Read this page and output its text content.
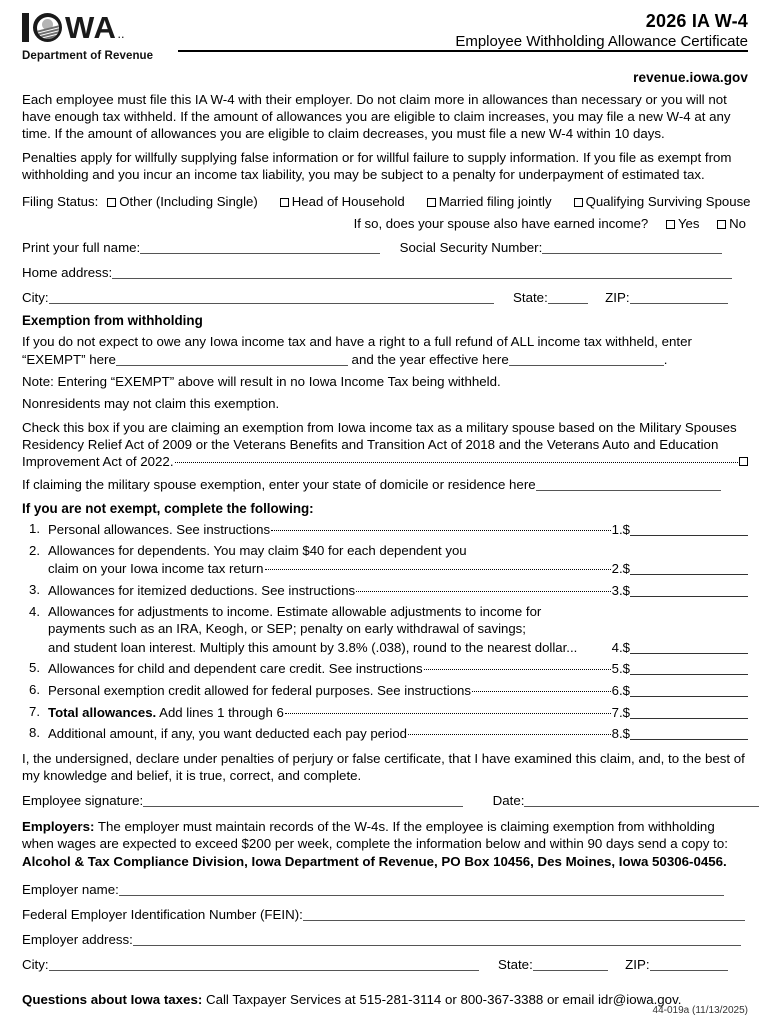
WA ..
Department of Revenue
2026 IA W-4
Employee Withholding Allowance Certificate
revenue.iowa.gov
Each employee must file this IA W-4 with their employer. Do not claim more in allowances than necessary or you will not have enough tax withheld. If the amount of allowances you are eligible to claim increases, you may file a new W-4 at any time. If the amount of allowances you are eligible to claim decreases, you must file a new W-4 within 10 days.
Penalties apply for willfully supplying false information or for willful failure to supply information. If you file as exempt from withholding and you incur an income tax liability, you may be subject to a penalty for underpayment of estimated tax.
Filing Status:	Other (Including Single)	Head of Household	Married filing jointly	Qualifying Surviving Spouse
If so, does your spouse also have earned income? Yes No
Print your full name:	Social Security Number:
Home address:
City:	State:	ZIP:
Exemption from withholding
If you do not expect to owe any Iowa income tax and have a right to a full refund of ALL income tax withheld, enter
“EXEMPT” here	and the year effective here	.
Note: Entering “EXEMPT” above will result in no Iowa Income Tax being withheld.
Nonresidents may not claim this exemption.
Check this box if you are claiming an exemption from Iowa income tax as a military spouse based on the Military Spouses
Residency Relief Act of 2009 or the Veterans Benefits and Transition Act of 2018 and the Veterans Auto and Education
Improvement Act of 2022.
If claiming the military spouse exemption, enter your state of domicile or residence here
If you are not exempt, complete the following:
1. Personal allowances. See instructions	1.$
2. Allowances for dependents. You may claim $40 for each dependent you
claim on your Iowa income tax return	2.$
3. Allowances for itemized deductions. See instructions	3.$
4. Allowances for adjustments to income. Estimate allowable adjustments to income for
payments such as an IRA, Keogh, or SEP; penalty on early withdrawal of savings;
and student loan interest. Multiply this amount by 3.8% (.038), round to the nearest dollar...	4.$
5. Allowances for child and dependent care credit. See instructions	5.$
6. Personal exemption credit allowed for federal purposes. See instructions	6.$
7. Total allowances. Add lines 1 through 6	7.$
8. Additional amount, if any, you want deducted each pay period	8.$
I, the undersigned, declare under penalties of perjury or false certificate, that I have examined this claim, and, to the best of my knowledge and belief, it is true, correct, and complete.
Employee signature:	Date:
Employers: The employer must maintain records of the W-4s. If the employee is claiming exemption from withholding when wages are expected to exceed $200 per week, complete the information below and within 90 days send a copy to:
Alcohol & Tax Compliance Division, Iowa Department of Revenue, PO Box 10456, Des Moines, Iowa 50306-0456.
Employer name:
Federal Employer Identification Number (FEIN):
Employer address:
City:	State:	ZIP:
Questions about Iowa taxes: Call Taxpayer Services at 515-281-3114 or 800-367-3388 or email idr@iowa.gov.
44-019a (11/13/2025)
